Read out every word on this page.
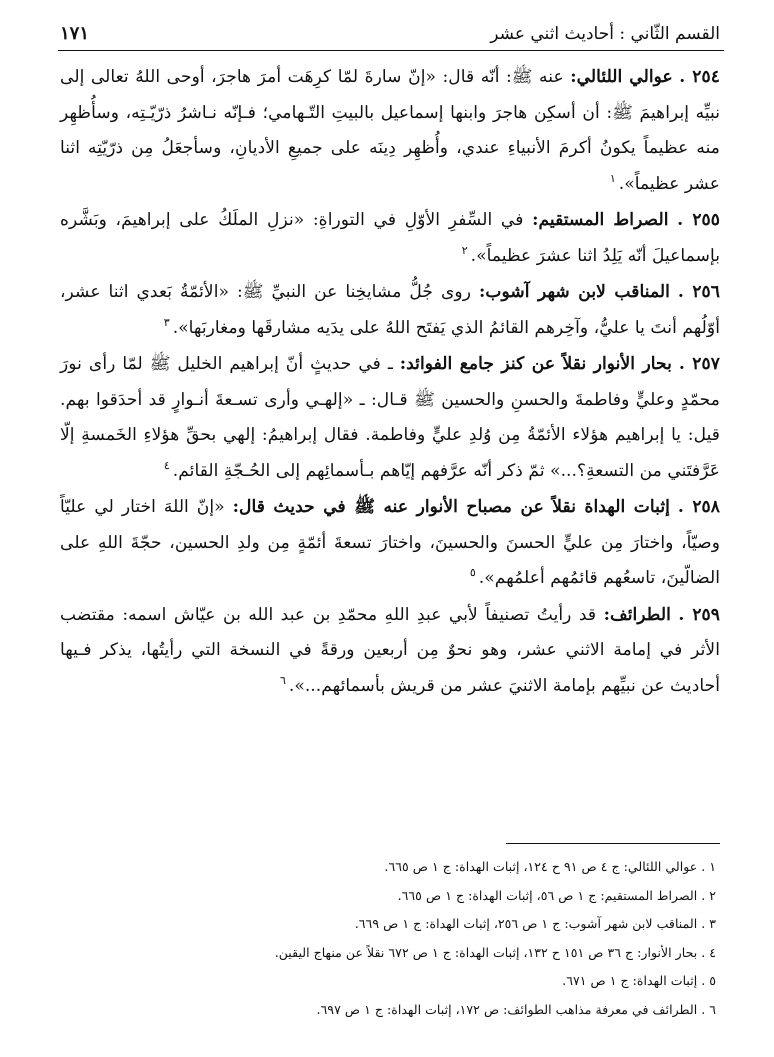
القسم الثّاني : أحاديث اثني عشر
١٧١

٢٥٤ . عوالي اللئالي: عنه ﷺ: أنّه قال: «إنّ سارةَ لمّا كرِهَت أمرَ هاجرَ، أوحى اللهُ تعالى إلى نبيِّه إبراهيمَ ﷺ: أن أسكِن هاجرَ وابنها إسماعيل بالبيتِ التّـهامي؛ فـإنّه نـاشرُ ذرّيّـتِه، وسأُظهِر منه عظيماً يكونُ أكرمَ الأنبياءِ عندي، وأُظهِر دِينَه على جميعِ الأديانِ، وسأجعَلُ مِن ذرّيّتِه اثنا عشر عظيماً».$^١$

٢٥٥ . الصراط المستقيم: في السِّفرِ الأوّلِ في التوراةِ: «نزلِ الملَكُ على إبراهيمَ، وبَشَّره بإسماعيلَ أنّه يَلِدُ اثنا عشرَ عظيماً».$^٢$

٢٥٦ . المناقب لابن شهر آشوب: روى جُلُّ مشايخِنا عن النبيِّ ﷺ: «الأئمّةُ بَعدي اثنا عشر، أوّلُهم أنتَ يا عليُّ، وآخِرهم القائمُ الذي يَفتَح اللهُ على يدَيه مشارقَها ومغاربَها».$^٣$

٢٥٧ . بحار الأنوار نقلاً عن كنز جامع الفوائد: ـ في حديثٍ أنّ إبراهيم الخليل ﷺ لمّا رأى نورَ محمّدٍ وعليٍّ وفاطمةَ والحسنِ والحسين ﷺ قـال: ـ «إلهـي وأرى تسـعةَ أنـوارٍ قد أحدَقوا بهم. قيل: يا إبراهيم هؤلاء الأئمّةُ مِن وُلدِ عليٍّ وفاطمة. فقال إبراهيمُ: إلهي بحقِّ هؤلاءِ الخَمسةِ إلّا عَرَّفتَني من التسعةِ؟...» ثمّ ذكر أنّه عرَّفهم إيّاهم بـأسمائِهم إلى الحُـجّةِ القائم.$^٤$

٢٥٨ . إثبات الهداة نقلاً عن مصباح الأنوار عنه ﷺ في حديث قال: «إنّ اللهَ اختار لي عليّاً وصيّاً، واختارَ مِن عليٍّ الحسنَ والحسينَ، واختارَ تسعةَ أئمّةٍ مِن ولدِ الحسين، حجّةَ اللهِ على الضالّينَ، تاسعُهم قائمُهم أعلمُهم».$^٥$

٢٥٩ . الطرائف: قد رأيتُ تصنيفاً لأبي عبدِ اللهِ محمّدِ بن عبد الله بن عيّاش اسمه: مقتضب الأثر في إمامة الاثني عشر، وهو نحوٌ مِن أربعين ورقةً في النسخة التي رأيتُها، يذكر فـيها أحاديث عن نبيِّهم بإمامة الاثنيَ عشر من قريش بأسمائهم...».$^٦$

١ . عوالي اللئالي: ج ٤ ص ٩١ ح ١٢٤، إثبات الهداة: ج ١ ص ٦٦٥.
٢ . الصراط المستقيم: ج ١ ص ٥٦، إثبات الهداة: ج ١ ص ٦٦٥.
٣ . المناقب لابن شهر آشوب: ج ١ ص ٢٥٦، إثبات الهداة: ج ١ ص ٦٦٩.
٤ . بحار الأنوار: ج ٣٦ ص ١٥١ ح ١٣٢، إثبات الهداة: ج ١ ص ٦٧٢ نقلاً عن منهاج اليقين.
٥ . إثبات الهداة: ج ١ ص ٦٧١.
٦ . الطرائف في معرفة مذاهب الطوائف: ص ١٧٢، إثبات الهداة: ج ١ ص ٦٩٧.
